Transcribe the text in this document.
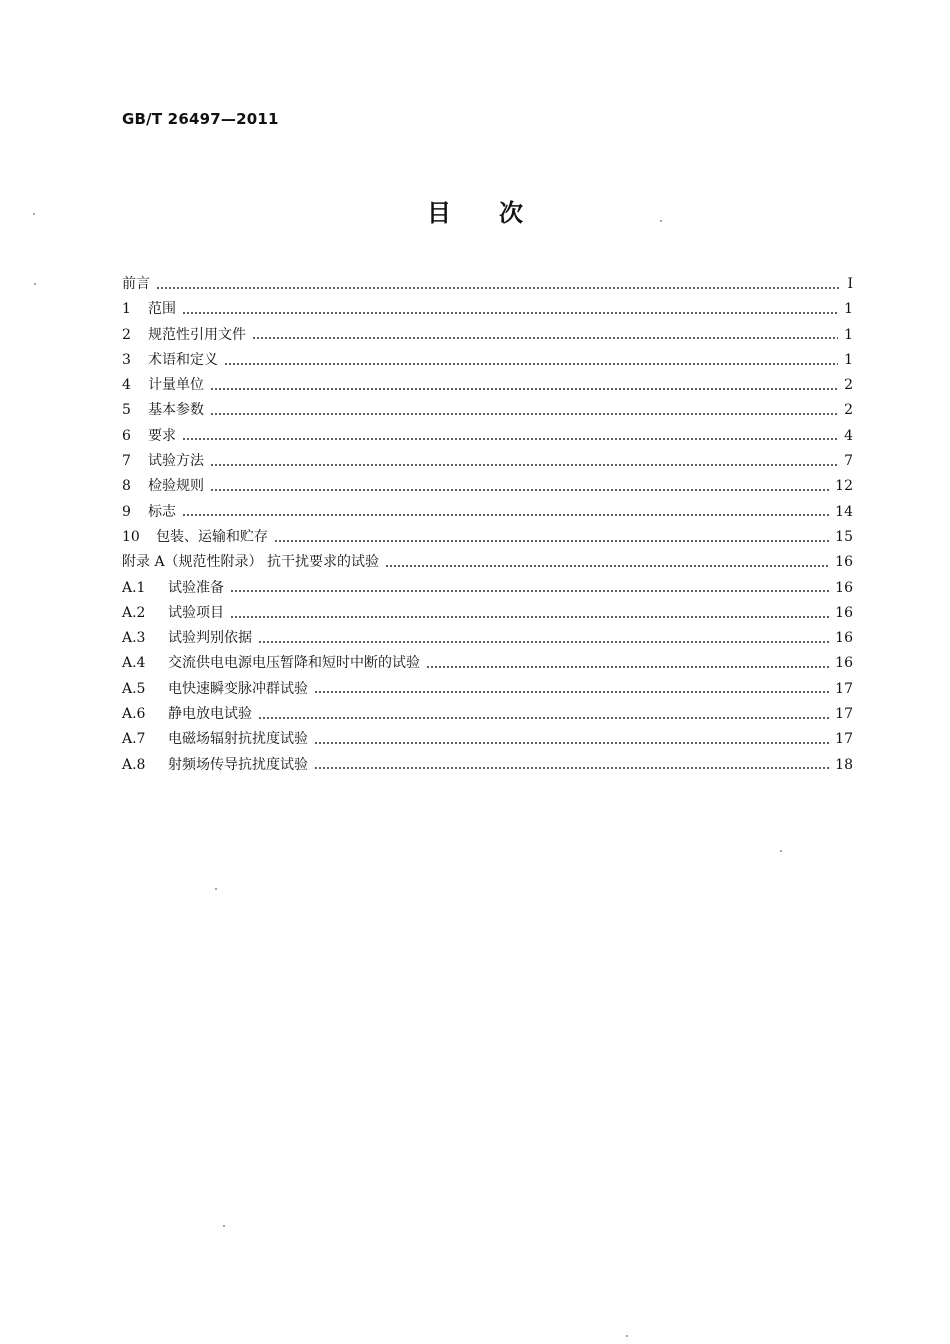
GB/T 26497—2011
目次
前言	I
1	范围	1
2	规范性引用文件	1
3	术语和定义	1
4	计量单位	2
5	基本参数	2
6	要求	4
7	试验方法	7
8	检验规则	12
9	标志	14
10	包装、运输和贮存	15
附录 A（规范性附录） 抗干扰要求的试验	16
A.1	试验准备	16
A.2	试验项目	16
A.3	试验判别依据	16
A.4	交流供电电源电压暂降和短时中断的试验	16
A.5	电快速瞬变脉冲群试验	17
A.6	静电放电试验	17
A.7	电磁场辐射抗扰度试验	17
A.8	射频场传导抗扰度试验	18
